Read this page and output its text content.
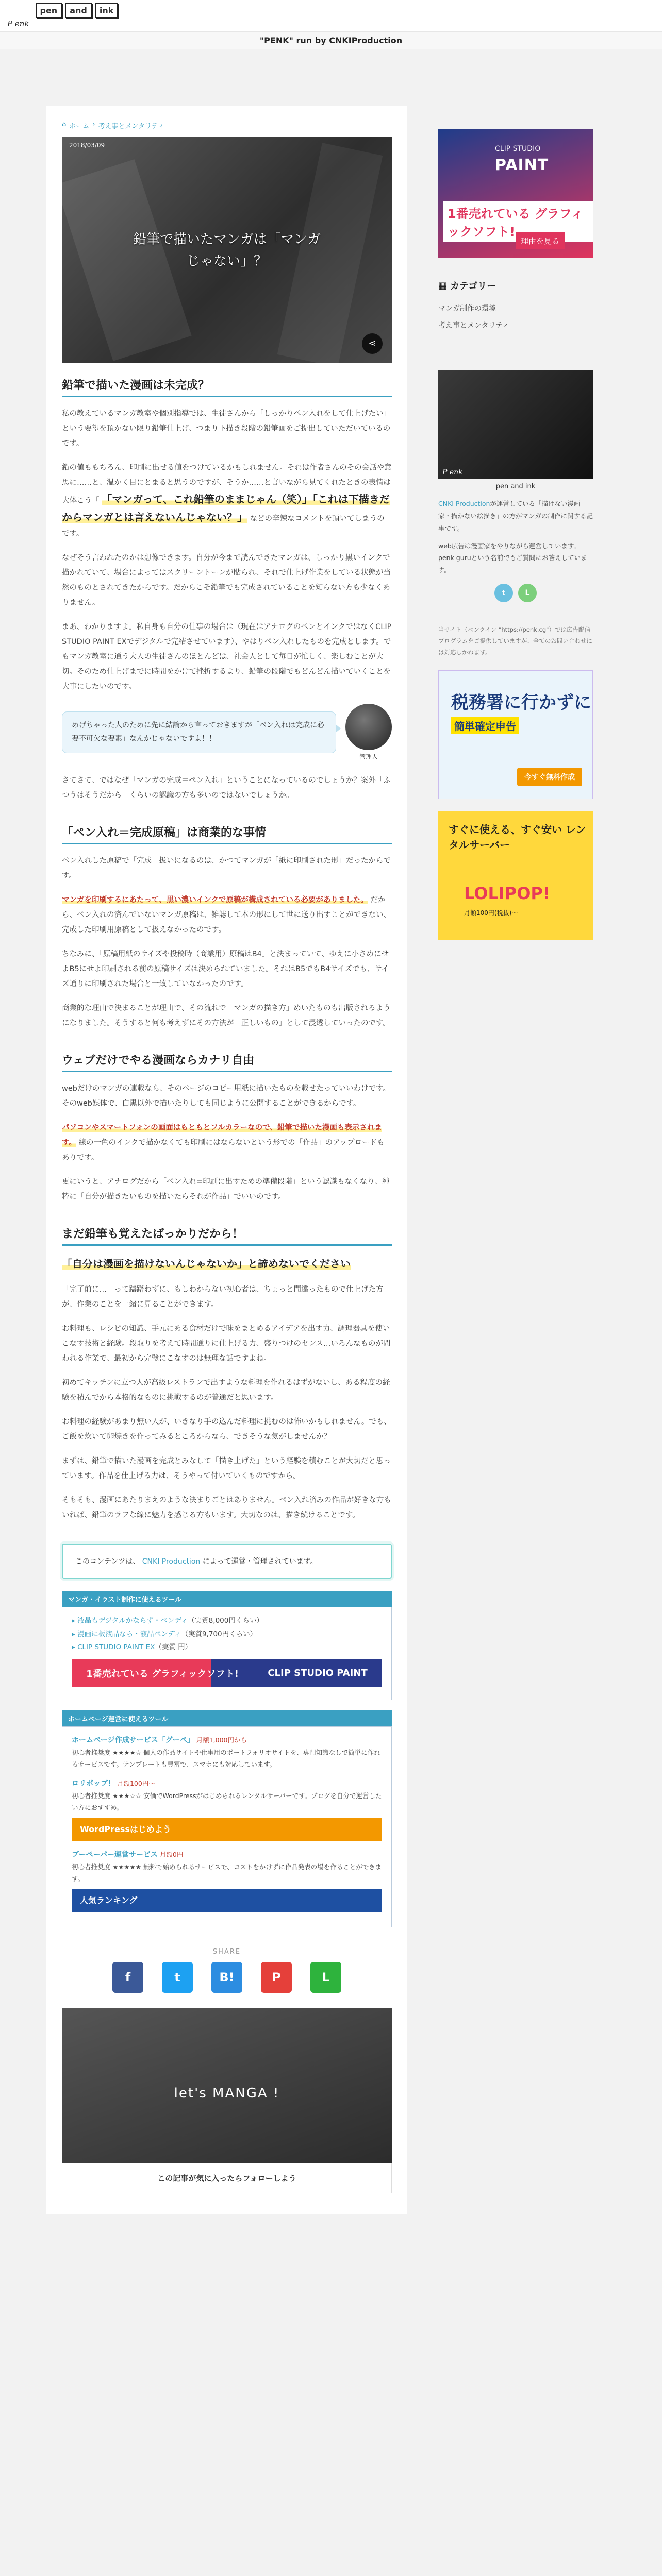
P enk
pen	and	ink
"PENK" run by CNKIProduction
⌂ ホーム › 考え事とメンタリティ
2018/03/09
鉛筆で描いたマンガは「マンガ
じゃない」？
⋖
鉛筆で描いた漫画は未完成？

私の教えているマンガ教室や個別指導では、生徒さんから「しっかりペン入れをして仕上げたい」という要望を頂かない限り鉛筆仕上げ、つまり下描き段階の鉛筆画をご提出していただいているのです。

鉛の値ももちろん、印刷に出せる値をつけているかもしれません。それは作者さんのその会話や意思に……と、温かく目にとまると思うのですが、そうか……と言いながら見てくれたときの表情は大体こう「 「マンガって、これ鉛筆のままじゃん（笑）」「これは下描きだからマンガとは言えないんじゃない？」 などの辛辣なコメントを頂いてしまうのです。

なぜそう言われたのかは想像できます。自分が今まで読んできたマンガは、しっかり黒いインクで描かれていて、場合によってはスクリーントーンが貼られ、それで仕上げ作業をしている状態が当然のものとされてきたからです。だからこそ鉛筆でも完成されていることを知らない方も少なくありません。

まあ、わかりますよ。私自身も自分の仕事の場合は（現在はアナログのペンとインクではなくCLIP STUDIO PAINT EXでデジタルで完結させています）、やはりペン入れしたものを完成とします。でもマンガ教室に通う大人の生徒さんのほとんどは、社会人として毎日が忙しく、楽しむことが大切。そのため仕上げまでに時間をかけて挫折するより、鉛筆の段階でもどんどん描いていくことを大事にしたいのです。

めげちゃった人のために先に結論から言っておきますが「ペン入れは完成に必要不可欠な要素」なんかじゃないですよ！！
管理人

さてさて、ではなぜ「マンガの完成＝ペン入れ」ということになっているのでしょうか？案外「ふつうはそうだから」くらいの認識の方も多いのではないでしょうか。

「ペン入れ＝完成原稿」は商業的な事情

ペン入れした原稿で「完成」扱いになるのは、かつてマンガが「紙に印刷された形」だったからです。

マンガを印刷するにあたって、黒い濃いインクで原稿が構成されている必要がありました。 だから、ペン入れの済んでいないマンガ原稿は、雑誌して本の形にして世に送り出すことができない、完成した印刷用原稿として扱えなかったのです。

ちなみに、「原稿用紙のサイズや投稿時（商業用）原稿はB4」と決まっていて、ゆえに小さめにせよB5にせよ印刷される前の原稿サイズは決められていました。それはB5でもB4サイズでも、サイズ通りに印刷された場合と一致していなかったのです。

商業的な理由で決まることが理由で、その流れで「マンガの描き方」めいたものも出版されるようになりました。そうすると何も考えずにその方法が「正しいもの」として浸透していったのです。

ウェブだけでやる漫画ならカナリ自由

webだけのマンガの連載なら、そのページのコピー用紙に描いたものを載せたっていいわけです。そのweb媒体で、白黒以外で描いたりしても同じように公開することができるからです。

パソコンやスマートフォンの画面はもともとフルカラーなので、鉛筆で描いた漫画も表示されます。 線の一色のインクで描かなくても印刷にはならないという形での「作品」のアップロードもありです。

更にいうと、アナログだから「ペン入れ=印刷に出すための準備段階」という認識もなくなり、純粋に「自分が描きたいものを描いたらそれが作品」でいいのです。

まだ鉛筆も覚えたばっかりだから！

「自分は漫画を描けないんじゃないか」と諦めないでください

「完了前に…」って躊躇わずに、もしわからない初心者は、ちょっと間違ったもので仕上げた方が、作業のことを一緒に見ることができます。

お料理も、レシピの知識、手元にある食材だけで味をまとめるアイデアを出す力、調理器具を使いこなす技術と経験。段取りを考えて時間通りに仕上げる力、盛りつけのセンス…いろんなものが問われる作業で、最初から完璧にこなすのは無理な話ですよね。

初めてキッチンに立つ人が高級レストランで出すような料理を作れるはずがないし、ある程度の経験を積んでから本格的なものに挑戦するのが普通だと思います。

お料理の経験があまり無い人が、いきなり手の込んだ料理に挑むのは怖いかもしれません。でも、ご飯を炊いて卵焼きを作ってみるところからなら、できそうな気がしませんか？

まずは、鉛筆で描いた漫画を完成とみなして「描き上げた」という経験を積むことが大切だと思っています。作品を仕上げる力は、そうやって付いていくものですから。

そもそも、漫画にあたりまえのような決まりごとはありません。ペン入れ済みの作品が好きな方もいれば、鉛筆のラフな線に魅力を感じる方もいます。大切なのは、描き続けることです。

このコンテンツは、 CNKI Production によって運営・管理されています。
マンガ・イラスト制作に使えるツール
▸ 液晶もデジタルかならず・ペンディ（実質8,000円くらい）
▸ 漫画に板液晶なら・液晶ペンディ（実質9,700円くらい）
▸ CLIP STUDIO PAINT EX（実質 円）
1番売れている グラフィックソフト!	CLIP STUDIO PAINT
ホームページ運営に使えるツール
ホームページ作成サービス「グーペ」 月額1,000円から
初心者推奨度 ★★★★☆ 個人の作品サイトや仕事用のポートフォリオサイトを、専門知識なしで簡単に作れるサービスです。テンプレートも豊富で、スマホにも対応しています。
ロリポップ！ 月額100円〜
初心者推奨度 ★★★☆☆ 安価でWordPressがはじめられるレンタルサーバーです。ブログを自分で運営したい方におすすめ。
WordPressはじめよう
ブーペーパー運営サービス 月額0円
初心者推奨度 ★★★★★ 無料で始められるサービスで、コストをかけずに作品発表の場を作ることができます。
人気ランキング
SHARE
f	t	B!	P	L
let's MANGA !
この記事が気に入ったらフォローしよう
CLIP STUDIO
PAINT
1番売れている グラフィックソフト!
理由を見る
▦ カテゴリー
マンガ制作の環境
考え事とメンタリティ
P enk
pen and ink

CNKI Productionが運営している「描けない漫画家・描かない絵描き」の方がマンガの制作に関する記事です。

web広告は漫画家をやりながら運営しています。penk guruという名前でもご質問にお答えしています。

t	L

当サイト（ペンクイン "https://penk.cg"）では広告配信プログラムをご提供していますが、全てのお問い合わせには対応しかねます。

税務署に行かずに
簡単確定申告
今すぐ無料作成
すぐに使える、すぐ安い レンタルサーバー
LOLIPOP!
月額100円(税抜)〜
